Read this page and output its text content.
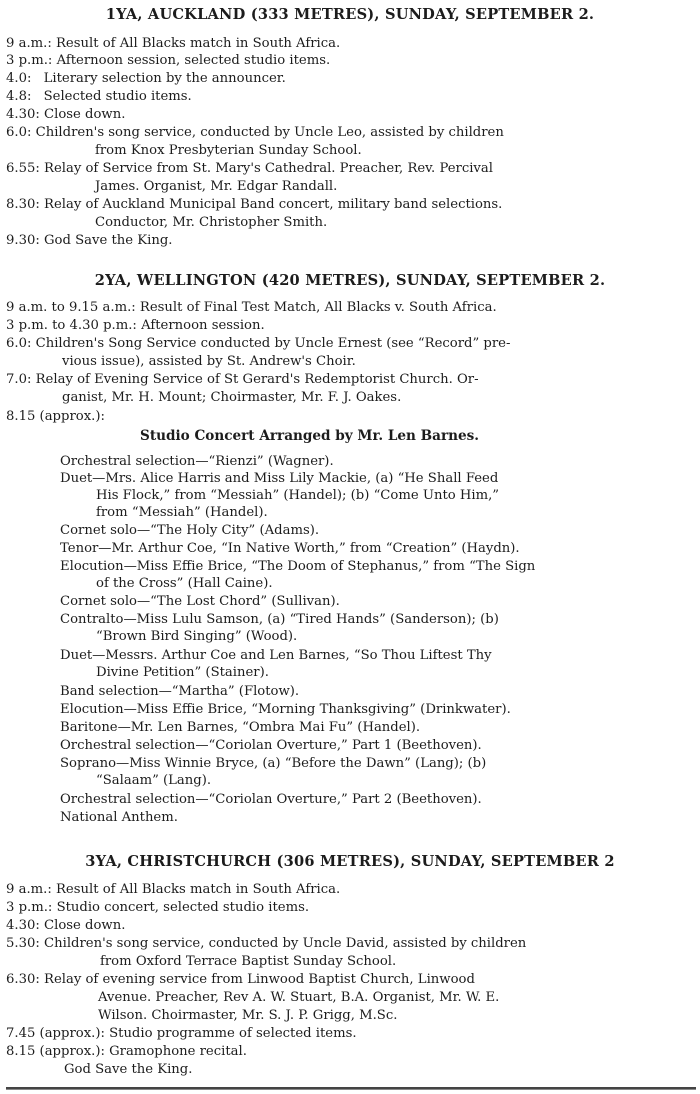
1YA, AUCKLAND (333 METRES), SUNDAY, SEPTEMBER 2.
9 a.m.: Result of All Blacks match in South Africa.
3 p.m.: Afternoon session, selected studio items.
4.0: Literary selection by the announcer.
4.8: Selected studio items.
4.30: Close down.
6.0: Children's song service, conducted by Uncle Leo, assisted by children
from Knox Presbyterian Sunday School.
6.55: Relay of Service from St. Mary's Cathedral. Preacher, Rev. Percival
James. Organist, Mr. Edgar Randall.
8.30: Relay of Auckland Municipal Band concert, military band selections.
Conductor, Mr. Christopher Smith.
9.30: God Save the King.
2YA, WELLINGTON (420 METRES), SUNDAY, SEPTEMBER 2.
9 a.m. to 9.15 a.m.: Result of Final Test Match, All Blacks v. South Africa.
3 p.m. to 4.30 p.m.: Afternoon session.
6.0: Children's Song Service conducted by Uncle Ernest (see “Record” pre-
vious issue), assisted by St. Andrew's Choir.
7.0: Relay of Evening Service of St Gerard's Redemptorist Church. Or-
ganist, Mr. H. Mount; Choirmaster, Mr. F. J. Oakes.
8.15 (approx.):
Studio Concert Arranged by Mr. Len Barnes.
Orchestral selection—“Rienzi” (Wagner).
Duet—Mrs. Alice Harris and Miss Lily Mackie, (a) “He Shall Feed
His Flock,” from “Messiah” (Handel); (b) “Come Unto Him,”
from “Messiah” (Handel).
Cornet solo—“The Holy City” (Adams).
Tenor—Mr. Arthur Coe, “In Native Worth,” from “Creation” (Haydn).
Elocution—Miss Effie Brice, “The Doom of Stephanus,” from “The Sign
of the Cross” (Hall Caine).
Cornet solo—“The Lost Chord” (Sullivan).
Contralto—Miss Lulu Samson, (a) “Tired Hands” (Sanderson); (b)
“Brown Bird Singing” (Wood).
Duet—Messrs. Arthur Coe and Len Barnes, “So Thou Liftest Thy
Divine Petition” (Stainer).
Band selection—“Martha” (Flotow).
Elocution—Miss Effie Brice, “Morning Thanksgiving” (Drinkwater).
Baritone—Mr. Len Barnes, “Ombra Mai Fu” (Handel).
Orchestral selection—“Coriolan Overture,” Part 1 (Beethoven).
Soprano—Miss Winnie Bryce, (a) “Before the Dawn” (Lang); (b)
“Salaam” (Lang).
Orchestral selection—“Coriolan Overture,” Part 2 (Beethoven).
National Anthem.
3YA, CHRISTCHURCH (306 METRES), SUNDAY, SEPTEMBER 2
9 a.m.: Result of All Blacks match in South Africa.
3 p.m.: Studio concert, selected studio items.
4.30: Close down.
5.30: Children's song service, conducted by Uncle David, assisted by children
from Oxford Terrace Baptist Sunday School.
6.30: Relay of evening service from Linwood Baptist Church, Linwood
Avenue. Preacher, Rev A. W. Stuart, B.A. Organist, Mr. W. E.
Wilson. Choirmaster, Mr. S. J. P. Grigg, M.Sc.
7.45 (approx.): Studio programme of selected items.
8.15 (approx.): Gramophone recital.
God Save the King.
